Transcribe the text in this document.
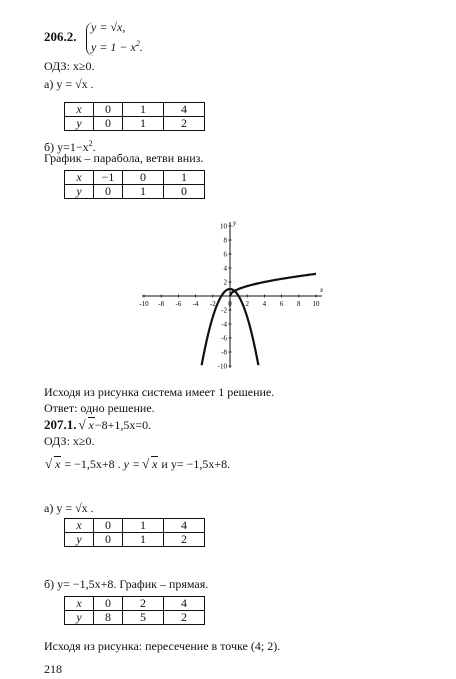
206.2.
y = √x,
$y = 1 - x^2$.
ОДЗ: x≥0.
а) y = √x .
x	0	1	4
y	0	1	2
б) $y=1-x^2$.
График – парабола, ветви вниз.
x	−1	0	1
y	0	1	0
x
y
-10 -8 -6 -4 -2 0 2 4 6 8 10
10
8
6
4
2
-2
-4
-6
-8
-10
Исходя из рисунка система имеет 1 решение.
Ответ: одно решение.
207.1. √ x−8+1,5x=0.
ОДЗ: x≥0.
√ x = −1,5x+8 . y = √ x и y= −1,5x+8.
а) y = √x .
x	0	1	4
y	0	1	2
б) y= −1,5x+8. График – прямая.
x	0	2	4
y	8	5	2
Исходя из рисунка: пересечение в точке (4; 2).
218
